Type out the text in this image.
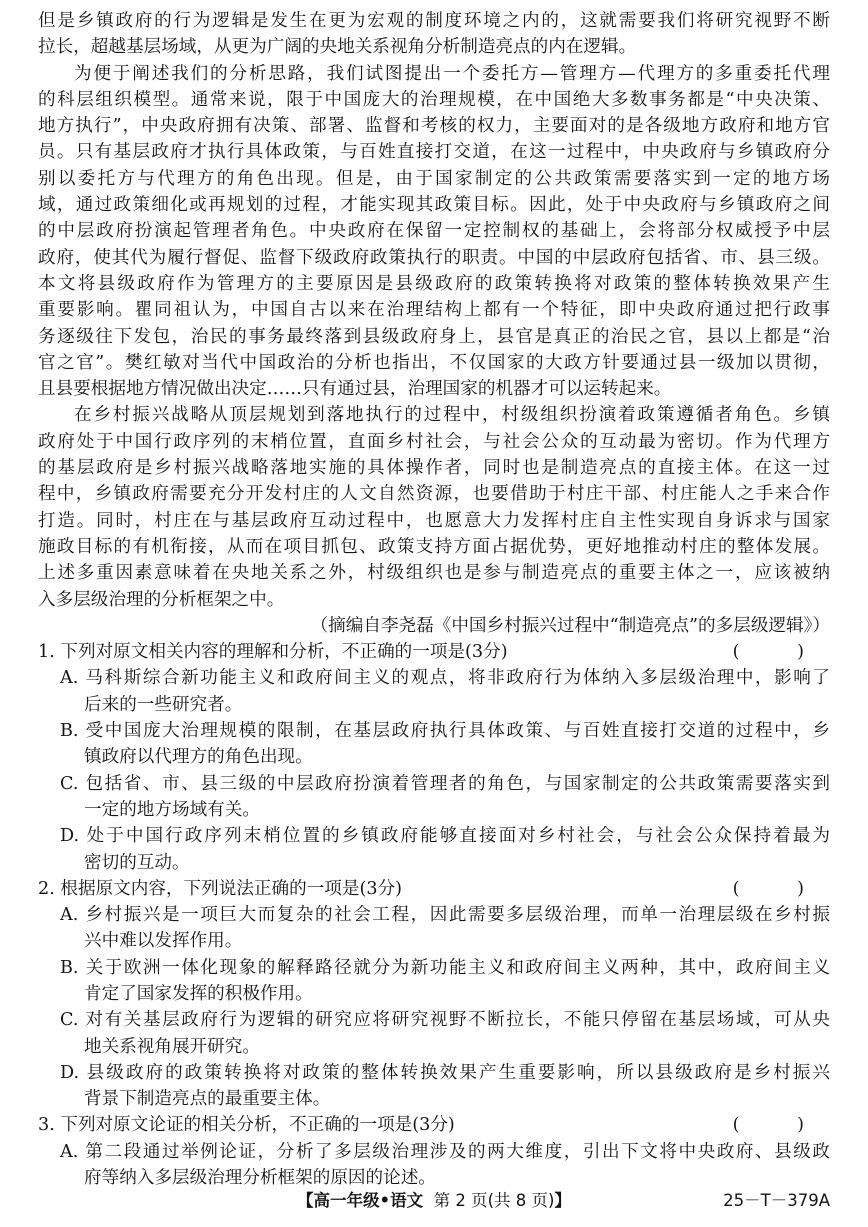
但是乡镇政府的行为逻辑是发生在更为宏观的制度环境之内的，这就需要我们将研究视野不断
拉长，超越基层场域，从更为广阔的央地关系视角分析制造亮点的内在逻辑。
为便于阐述我们的分析思路，我们试图提出一个委托方—管理方—代理方的多重委托代理
的科层组织模型。通常来说，限于中国庞大的治理规模，在中国绝大多数事务都是“中央决策、
地方执行”，中央政府拥有决策、部署、监督和考核的权力，主要面对的是各级地方政府和地方官
员。只有基层政府才执行具体政策，与百姓直接打交道，在这一过程中，中央政府与乡镇政府分
别以委托方与代理方的角色出现。但是，由于国家制定的公共政策需要落实到一定的地方场
域，通过政策细化或再规划的过程，才能实现其政策目标。因此，处于中央政府与乡镇政府之间
的中层政府扮演起管理者角色。中央政府在保留一定控制权的基础上，会将部分权威授予中层
政府，使其代为履行督促、监督下级政府政策执行的职责。中国的中层政府包括省、市、县三级。
本文将县级政府作为管理方的主要原因是县级政府的政策转换将对政策的整体转换效果产生
重要影响。瞿同祖认为，中国自古以来在治理结构上都有一个特征，即中央政府通过把行政事
务逐级往下发包，治民的事务最终落到县级政府身上，县官是真正的治民之官，县以上都是“治
官之官”。樊红敏对当代中国政治的分析也指出，不仅国家的大政方针要通过县一级加以贯彻，
且县要根据地方情况做出决定……只有通过县，治理国家的机器才可以运转起来。
在乡村振兴战略从顶层规划到落地执行的过程中，村级组织扮演着政策遵循者角色。乡镇
政府处于中国行政序列的末梢位置，直面乡村社会，与社会公众的互动最为密切。作为代理方
的基层政府是乡村振兴战略落地实施的具体操作者，同时也是制造亮点的直接主体。在这一过
程中，乡镇政府需要充分开发村庄的人文自然资源，也要借助于村庄干部、村庄能人之手来合作
打造。同时，村庄在与基层政府互动过程中，也愿意大力发挥村庄自主性实现自身诉求与国家
施政目标的有机衔接，从而在项目抓包、政策支持方面占据优势，更好地推动村庄的整体发展。
上述多重因素意味着在央地关系之外，村级组织也是参与制造亮点的重要主体之一，应该被纳
入多层级治理的分析框架之中。
（摘编自李尧磊《中国乡村振兴过程中“制造亮点”的多层级逻辑》）
1. 下列对原文相关内容的理解和分析，不正确的一项是(3分)	( )
A. 马科斯综合新功能主义和政府间主义的观点，将非政府行为体纳入多层级治理中，影响了
后来的一些研究者。
B. 受中国庞大治理规模的限制，在基层政府执行具体政策、与百姓直接打交道的过程中，乡
镇政府以代理方的角色出现。
C. 包括省、市、县三级的中层政府扮演着管理者的角色，与国家制定的公共政策需要落实到
一定的地方场域有关。
D. 处于中国行政序列末梢位置的乡镇政府能够直接面对乡村社会，与社会公众保持着最为
密切的互动。
2. 根据原文内容，下列说法正确的一项是(3分)	( )
A. 乡村振兴是一项巨大而复杂的社会工程，因此需要多层级治理，而单一治理层级在乡村振
兴中难以发挥作用。
B. 关于欧洲一体化现象的解释路径就分为新功能主义和政府间主义两种，其中，政府间主义
肯定了国家发挥的积极作用。
C. 对有关基层政府行为逻辑的研究应将研究视野不断拉长，不能只停留在基层场域，可从央
地关系视角展开研究。
D. 县级政府的政策转换将对政策的整体转换效果产生重要影响，所以县级政府是乡村振兴
背景下制造亮点的最重要主体。
3. 下列对原文论证的相关分析，不正确的一项是(3分)	( )
A. 第二段通过举例论证，分析了多层级治理涉及的两大维度，引出下文将中央政府、县级政
府等纳入多层级治理分析框架的原因的论述。
【高一年级•语文 第 2 页(共 8 页)】	25－T－379A
